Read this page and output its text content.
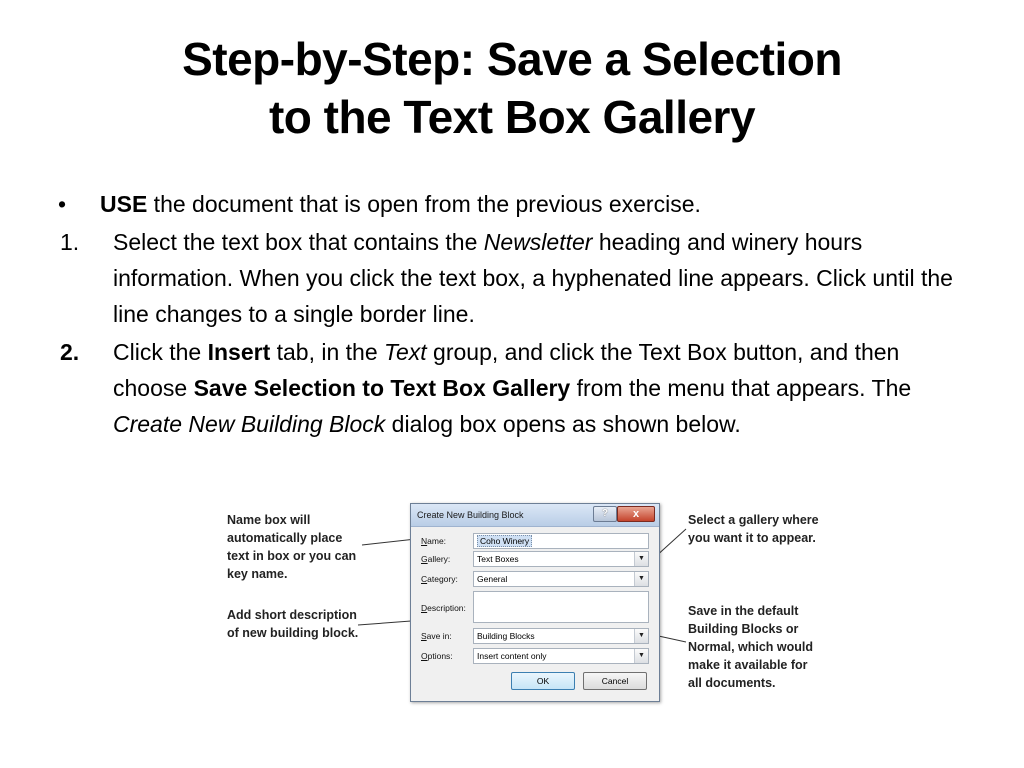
Step-by-Step: Save a Selection
to the Text Box Gallery
•	USE the document that is open from the previous exercise.
1.	Select the text box that contains the Newsletter heading and winery hours information. When you click the text box, a hyphenated line appears. Click until the line changes to a single border line.
2.	Click the Insert tab, in the Text group, and click the Text Box button, and then choose Save Selection to Text Box Gallery from the menu that appears. The Create New Building Block dialog box opens as shown below.
Name box will automatically place text in box or you can key name.
Add short description of new building block.
Select a gallery where you want it to appear.
Save in the default Building Blocks or Normal, which would make it available for all documents.
Create New Building Block	?	x
Name:	Coho Winery
Gallery:	Text Boxes	▼
Category: General	▼
Description:
Save in:	Building Blocks	▼
Options:	Insert content only	▼
OK	Cancel
